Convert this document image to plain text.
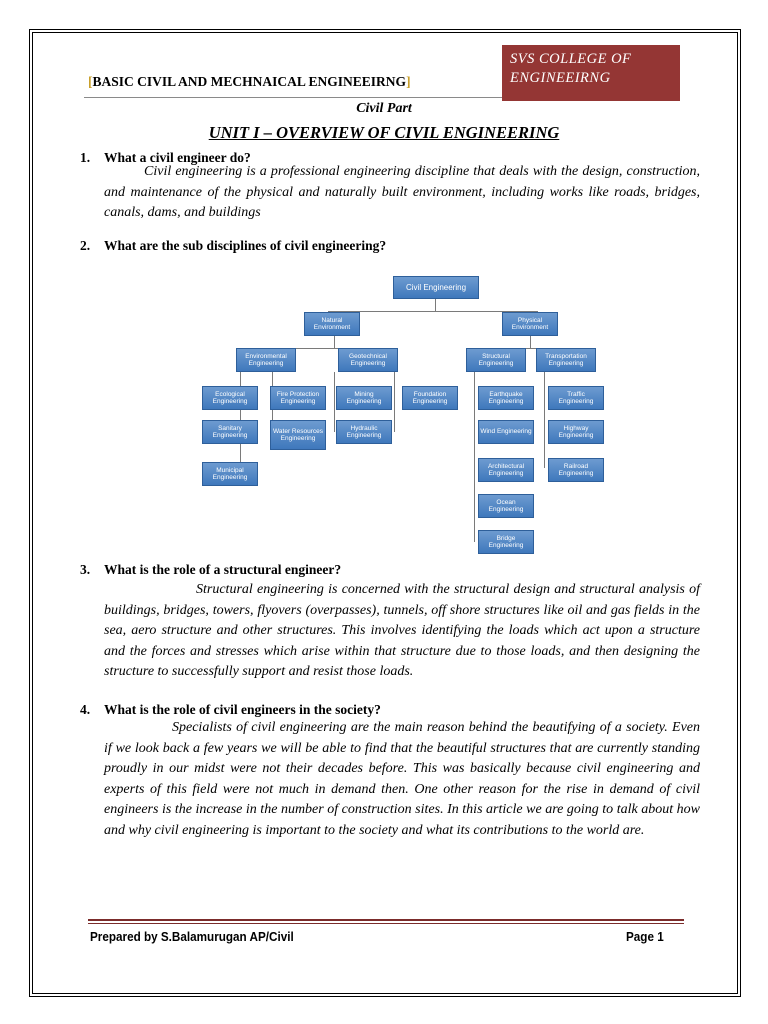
[BASIC CIVIL AND MECHNAICAL ENGINEEIRNG]
SVS COLLEGE OF
ENGINEEIRNG
Civil Part
UNIT I – OVERVIEW OF CIVIL ENGINEERING
1. What a civil engineer do?
Civil engineering is a professional engineering discipline that deals with the design, construction, and maintenance of the physical and naturally built environment, including works like roads, bridges, canals, dams, and buildings
2. What are the sub disciplines of civil engineering?
Civil Engineering
Natural Environment
Physical Environment
Environmental Engineering
Geotechnical Engineering
Structural Engineering
Transportation Engineering
Ecological Engineering
Sanitary Engineering
Municipal Engineering
Fire Protection Engineering
Water Resources Engineering
Mining Engineering
Hydraulic Engineering
Foundation Engineering
Earthquake Engineering
Wind Engineering
Architectural Engineering
Ocean Engineering
Bridge Engineering
Traffic Engineering
Highway Engineering
Railroad Engineering
3. What is the role of a structural engineer?
Structural engineering is concerned with the structural design and structural analysis of buildings, bridges, towers, flyovers (overpasses), tunnels, off shore structures like oil and gas fields in the sea, aero structure and other structures. This involves identifying the loads which act upon a structure and the forces and stresses which arise within that structure due to those loads, and then designing the structure to successfully support and resist those loads.
4. What is the role of civil engineers in the society?
Specialists of civil engineering are the main reason behind the beautifying of a society. Even if we look back a few years we will be able to find that the beautiful structures that are currently standing proudly in our midst were not their decades before. This was basically because civil engineering and experts of this field were not much in demand then. One other reason for the rise in demand of civil engineers is the increase in the number of construction sites. In this article we are going to talk about how and why civil engineering is important to the society and what its contributions to the world are.
Prepared by S.Balamurugan AP/Civil	Page 1
